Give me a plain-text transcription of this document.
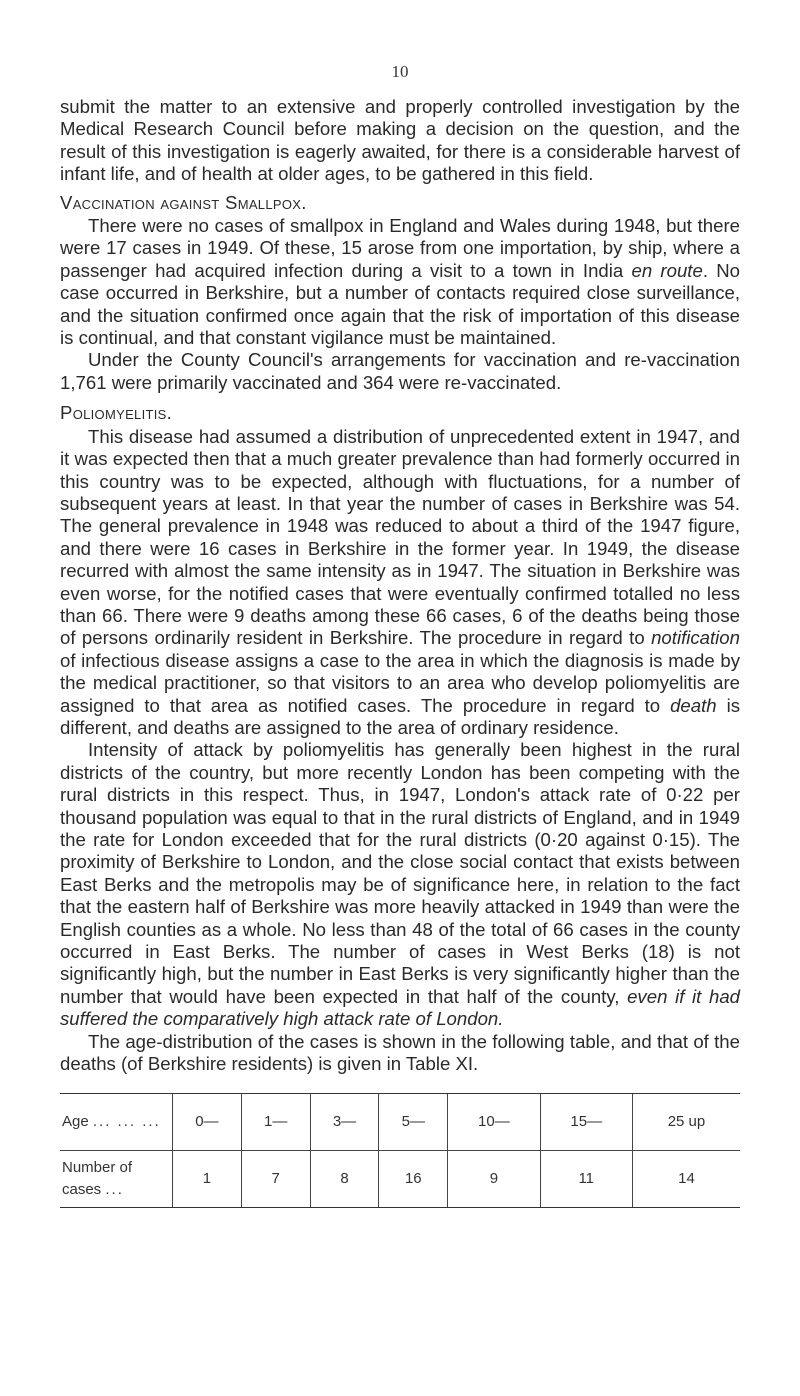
10

submit the matter to an extensive and properly controlled investigation by the Medical Research Council before making a decision on the question, and the result of this investigation is eagerly awaited, for there is a considerable harvest of infant life, and of health at older ages, to be gathered in this field.

Vaccination against Smallpox.

There were no cases of smallpox in England and Wales during 1948, but there were 17 cases in 1949. Of these, 15 arose from one importation, by ship, where a passenger had acquired infection during a visit to a town in India en route. No case occurred in Berkshire, but a number of contacts required close surveillance, and the situation confirmed once again that the risk of importation of this disease is continual, and that constant vigilance must be maintained.

Under the County Council's arrangements for vaccination and re-vaccination 1,761 were primarily vaccinated and 364 were re-vaccinated.

Poliomyelitis.

This disease had assumed a distribution of unprecedented extent in 1947, and it was expected then that a much greater prevalence than had formerly occurred in this country was to be expected, although with fluctuations, for a number of subsequent years at least. In that year the number of cases in Berkshire was 54. The general prevalence in 1948 was reduced to about a third of the 1947 figure, and there were 16 cases in Berkshire in the former year. In 1949, the disease recurred with almost the same intensity as in 1947. The situation in Berkshire was even worse, for the notified cases that were eventually confirmed totalled no less than 66. There were 9 deaths among these 66 cases, 6 of the deaths being those of persons ordinarily resident in Berkshire. The procedure in regard to notification of infectious disease assigns a case to the area in which the diagnosis is made by the medical practitioner, so that visitors to an area who develop poliomyelitis are assigned to that area as notified cases. The procedure in regard to death is different, and deaths are assigned to the area of ordinary residence.

Intensity of attack by poliomyelitis has generally been highest in the rural districts of the country, but more recently London has been competing with the rural districts in this respect. Thus, in 1947, London's attack rate of 0·22 per thousand population was equal to that in the rural districts of England, and in 1949 the rate for London exceeded that for the rural districts (0·20 against 0·15). The proximity of Berkshire to London, and the close social contact that exists between East Berks and the metropolis may be of significance here, in relation to the fact that the eastern half of Berkshire was more heavily attacked in 1949 than were the English counties as a whole. No less than 48 of the total of 66 cases in the county occurred in East Berks. The number of cases in West Berks (18) is not significantly high, but the number in East Berks is very significantly higher than the number that would have been expected in that half of the county, even if it had suffered the comparatively high attack rate of London.

The age-distribution of the cases is shown in the following table, and that of the deaths (of Berkshire residents) is given in Table XI.

Age ... ... ...	0—	1—	3—	5—	10—	15—	25 up
Number of cases ...	1	7	8	16	9	11	14
